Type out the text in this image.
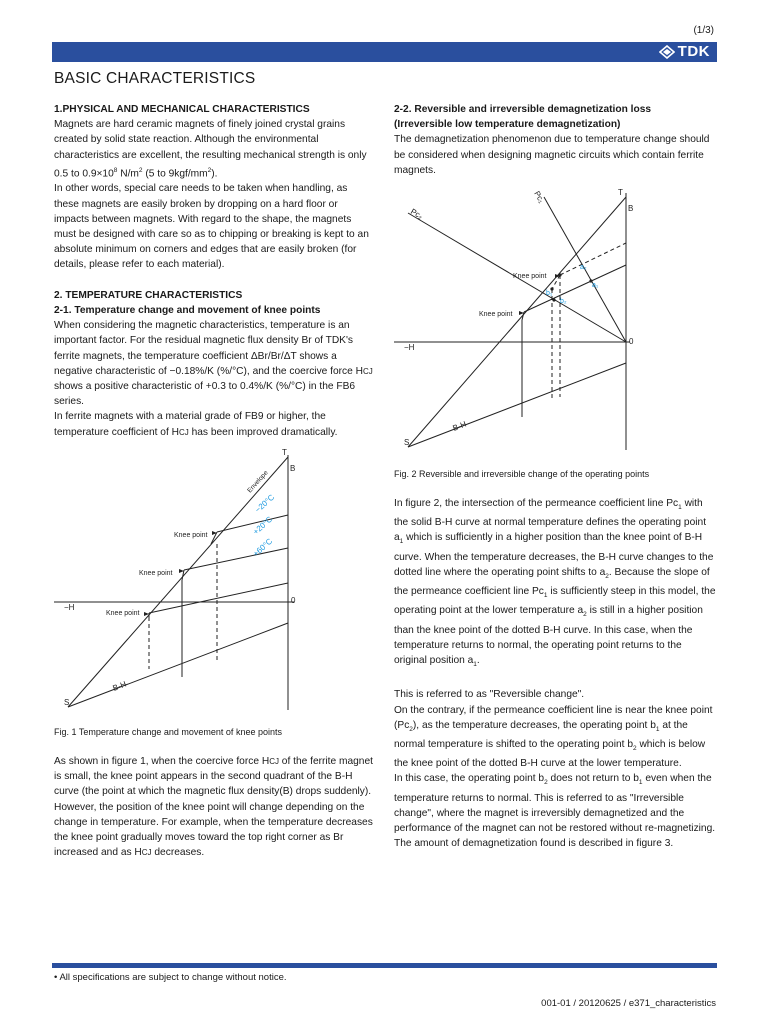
(1/3)
TDK
BASIC CHARACTERISTICS

1.PHYSICAL AND MECHANICAL CHARACTERISTICS

Magnets are hard ceramic magnets of finely joined crystal grains created by solid state reaction. Although the environmental characteristics are excellent, the resulting mechanical strength is only 0.5 to $0.9\times 10^8$ $N/m^2$ (5 to $9kgf/mm^2$).

In other words, special care needs to be taken when handling, as these magnets are easily broken by dropping on a hard floor or impacts between magnets. With regard to the shape, the magnets must be designed with care so as to chipping or breaking is kept to an absolute minimum on corners and edges that are easily broken (for details, please refer to each material).

2. TEMPERATURE CHARACTERISTICS

2-1. Temperature change and movement of knee points

When considering the magnetic characteristics, temperature is an important factor. For the residual magnetic flux density Br of TDK's ferrite magnets, the temperature coefficient ΔBr/Br/ΔT shows a negative characteristic of −0.18%/K (%/°C), and the coercive force HCJ shows a positive characteristic of +0.3 to 0.4%/K (%/°C) in the FB6 series.

In ferrite magnets with a material grade of FB9 or higher, the temperature coefficient of HCJ has been improved dramatically.

T
B
0
−H
S
B-H
Envelope
Knee point
Knee point
Knee point
−20°C
+20°C
+60°C
Fig. 1 Temperature change and movement of knee points

As shown in figure 1, when the coercive force HCJ of the ferrite magnet is small, the knee point appears in the second quadrant of the B-H curve (the point at which the magnetic flux density(B) drops suddenly).

However, the position of the knee point will change depending on the change in temperature. For example, when the temperature decreases the knee point gradually moves toward the top right corner as Br increased and as HCJ decreases.

2-2. Reversible and irreversible demagnetization loss

(Irreversible low temperature demagnetization)

The demagnetization phenomenon due to temperature change should be considered when designing magnetic circuits which contain ferrite magnets.

T
B
0
−H
S
B-H
Pc₁
Pc₂
Knee point
Knee point
a₂
a₁
b₁
b₂
Fig. 2 Reversible and irreversible change of the operating points

In figure 2, the intersection of the permeance coefficient line $Pc_1$ with the solid B-H curve at normal temperature defines the operating point $a_1$ which is sufficiently in a higher position than the knee point of B-H curve. When the temperature decreases, the B-H curve changes to the dotted line where the operating point shifts to $a_2$. Because the slope of the permeance coefficient line $Pc_1$ is sufficiently steep in this model, the operating point at the lower temperature $a_2$ is still in a higher position than the knee point of the dotted B-H curve. In this case, when the temperature returns to normal, the operating point returns to the original position $a_1$.

This is referred to as "Reversible change".

On the contrary, if the permeance coefficient line is near the knee point $(Pc_2)$, as the temperature decreases, the operating point $b_1$ at the normal temperature is shifted to the operating point $b_2$ which is below the knee point of the dotted B-H curve at the lower temperature.

In this case, the operating point $b_2$ does not return to $b_1$ even when the temperature returns to normal. This is referred to as "Irreversible change", where the magnet is irreversibly demagnetized and the performance of the magnet can not be restored without re-magnetizing.

The amount of demagnetization found is described in figure 3.

• All specifications are subject to change without notice.
001-01 / 20120625 / e371_characteristics
